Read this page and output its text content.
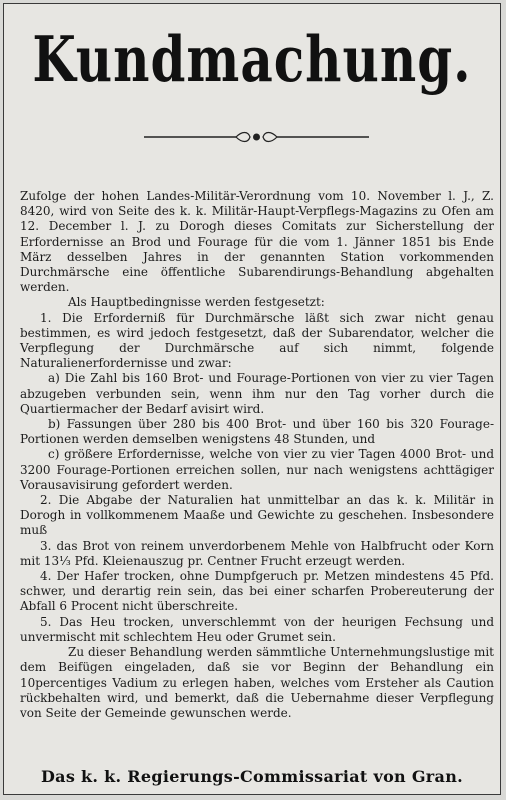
Kundmachung.

Zufolge der hohen Landes-Militär-Verordnung vom 10. November l. J., Z. 8420, wird von Seite des k. k. Militär-Haupt-Verpflegs-Magazins zu Ofen am 12. December l. J. zu Dorogh dieses Comitats zur Sicherstellung der Erfordernisse an Brod und Fourage für die vom 1. Jänner 1851 bis Ende März desselben Jahres in der genannten Station vorkommenden Durchmärsche eine öffentliche Subarendirungs-Behandlung abgehalten werden.

Als Hauptbedingnisse werden festgesetzt:

1. Die Erforderniß für Durchmärsche läßt sich zwar nicht genau bestimmen, es wird jedoch festgesetzt, daß der Subarendator, welcher die Verpflegung der Durchmärsche auf sich nimmt, folgende Naturalienerfordernisse und zwar:

a) Die Zahl bis 160 Brot- und Fourage-Portionen von vier zu vier Tagen abzugeben verbunden sein, wenn ihm nur den Tag vorher durch die Quartiermacher der Bedarf avisirt wird.

b) Fassungen über 280 bis 400 Brot- und über 160 bis 320 Fourage-Portionen werden demselben wenigstens 48 Stunden, und

c) größere Erfordernisse, welche von vier zu vier Tagen 4000 Brot- und 3200 Fourage-Portionen erreichen sollen, nur nach wenigstens achttägiger Vorausavisirung gefordert werden.

2. Die Abgabe der Naturalien hat unmittelbar an das k. k. Militär in Dorogh in vollkommenem Maaße und Gewichte zu geschehen. Insbesondere muß

3. das Brot von reinem unverdorbenem Mehle von Halbfrucht oder Korn mit 13⅓ Pfd. Kleienauszug pr. Centner Frucht erzeugt werden.

4. Der Hafer trocken, ohne Dumpfgeruch pr. Metzen mindestens 45 Pfd. schwer, und derartig rein sein, das bei einer scharfen Probereuterung der Abfall 6 Procent nicht überschreite.

5. Das Heu trocken, unverschlemmt von der heurigen Fechsung und unvermischt mit schlechtem Heu oder Grumet sein.

Zu dieser Behandlung werden sämmtliche Unternehmungslustige mit dem Beifügen eingeladen, daß sie vor Beginn der Behandlung ein 10percentiges Vadium zu erlegen haben, welches vom Ersteher als Caution rückbehalten wird, und bemerkt, daß die Uebernahme dieser Verpflegung von Seite der Gemeinde gewunschen werde.

Das k. k. Regierungs-Commissariat von Gran.
